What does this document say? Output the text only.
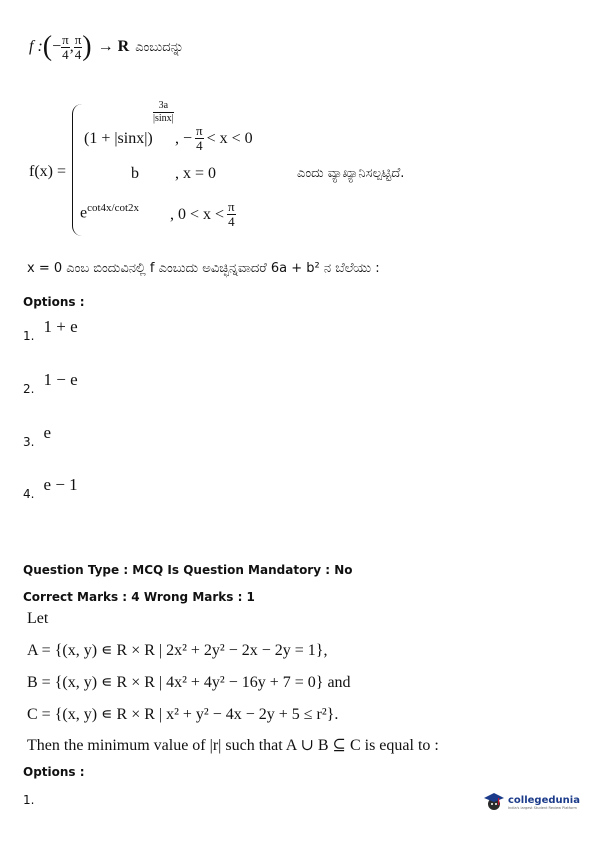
f : ( − $\frac{\pi}{4}$ , $\frac{\pi}{4}$ ) → R ಎಂಬುದನ್ನು
f(x) =
3a
|sinx|
(1 + |sinx|) , − $\frac{\pi}{4} < x < 0$
b , x = 0	ಎಂದು ವ್ಯಾಖ್ಯಾನಿಸಲ್ಪಟ್ಟಿದೆ.
$e^{cot4x/cot2x}$ , $0 < x < \frac{\pi}{4}$
x = 0 ಎಂಬ ಬಿಂದುವಿನಲ್ಲಿ f ಎಂಬುದು ಅವಿಚ್ಛಿನ್ನವಾದರೆ 6a + b² ನ ಬೆಲೆಯು :
Options :
$_{1.}$ 1 + e
$_{2.}$ 1 − e
$_{3.}$ e
$_{4.}$ e − 1
Question Type : MCQ Is Question Mandatory : No
Correct Marks : 4 Wrong Marks : 1
Let
A = {(x, y) ∊ R × R | 2x² + 2y² − 2x − 2y = 1},
B = {(x, y) ∊ R × R | 4x² + 4y² − 16y + 7 = 0} and
C = {(x, y) ∊ R × R | x² + y² − 4x − 2y + 5 ≤ r²}.
Then the minimum value of |r| such that A ∪ B ⊆ C is equal to :
Options :
1.	collegedunia
India's largest Student Review Platform
